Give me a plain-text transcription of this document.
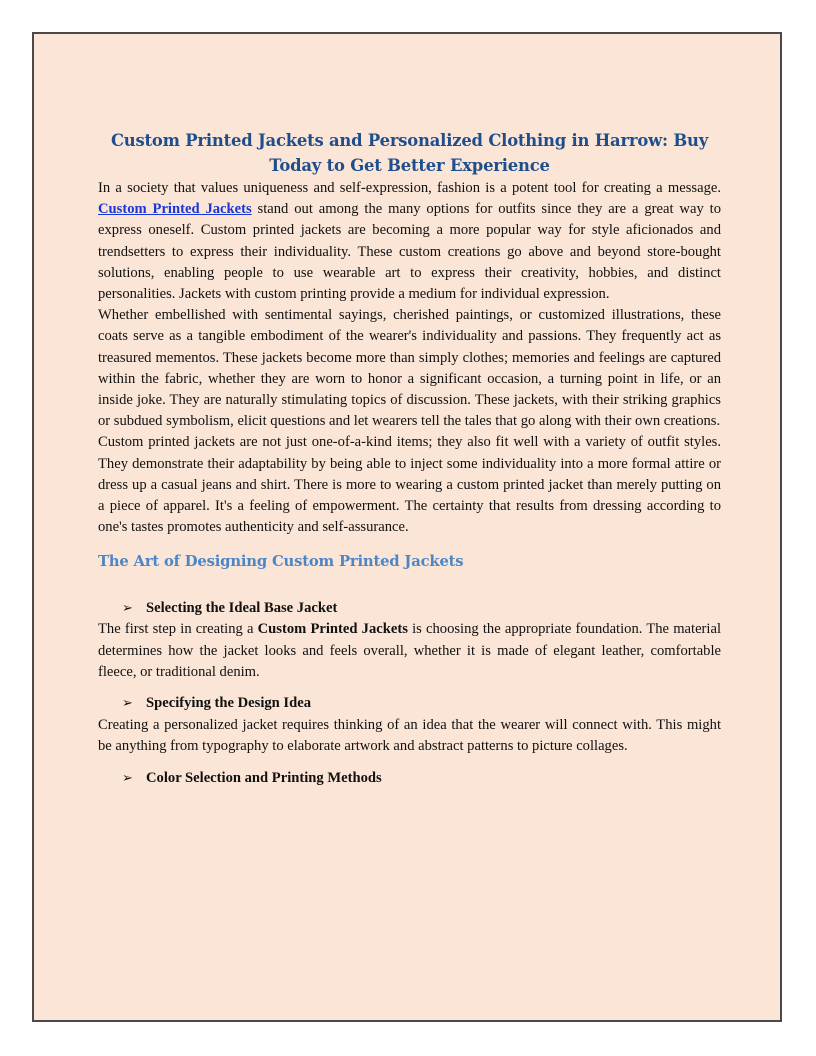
Custom Printed Jackets and Personalized Clothing in Harrow: Buy Today to Get Better Experience

In a society that values uniqueness and self-expression, fashion is a potent tool for creating a message. Custom Printed Jackets stand out among the many options for outfits since they are a great way to express oneself. Custom printed jackets are becoming a more popular way for style aficionados and trendsetters to express their individuality. These custom creations go above and beyond store-bought solutions, enabling people to use wearable art to express their creativity, hobbies, and distinct personalities. Jackets with custom printing provide a medium for individual expression.

Whether embellished with sentimental sayings, cherished paintings, or customized illustrations, these coats serve as a tangible embodiment of the wearer's individuality and passions. They frequently act as treasured mementos. These jackets become more than simply clothes; memories and feelings are captured within the fabric, whether they are worn to honor a significant occasion, a turning point in life, or an inside joke. They are naturally stimulating topics of discussion. These jackets, with their striking graphics or subdued symbolism, elicit questions and let wearers tell the tales that go along with their own creations.

Custom printed jackets are not just one-of-a-kind items; they also fit well with a variety of outfit styles. They demonstrate their adaptability by being able to inject some individuality into a more formal attire or dress up a casual jeans and shirt. There is more to wearing a custom printed jacket than merely putting on a piece of apparel. It's a feeling of empowerment. The certainty that results from dressing according to one's tastes promotes authenticity and self-assurance.

The Art of Designing Custom Printed Jackets
➢ Selecting the Ideal Base Jacket

The first step in creating a Custom Printed Jackets is choosing the appropriate foundation. The material determines how the jacket looks and feels overall, whether it is made of elegant leather, comfortable fleece, or traditional denim.

➢ Specifying the Design Idea

Creating a personalized jacket requires thinking of an idea that the wearer will connect with. This might be anything from typography to elaborate artwork and abstract patterns to picture collages.

➢ Color Selection and Printing Methods
